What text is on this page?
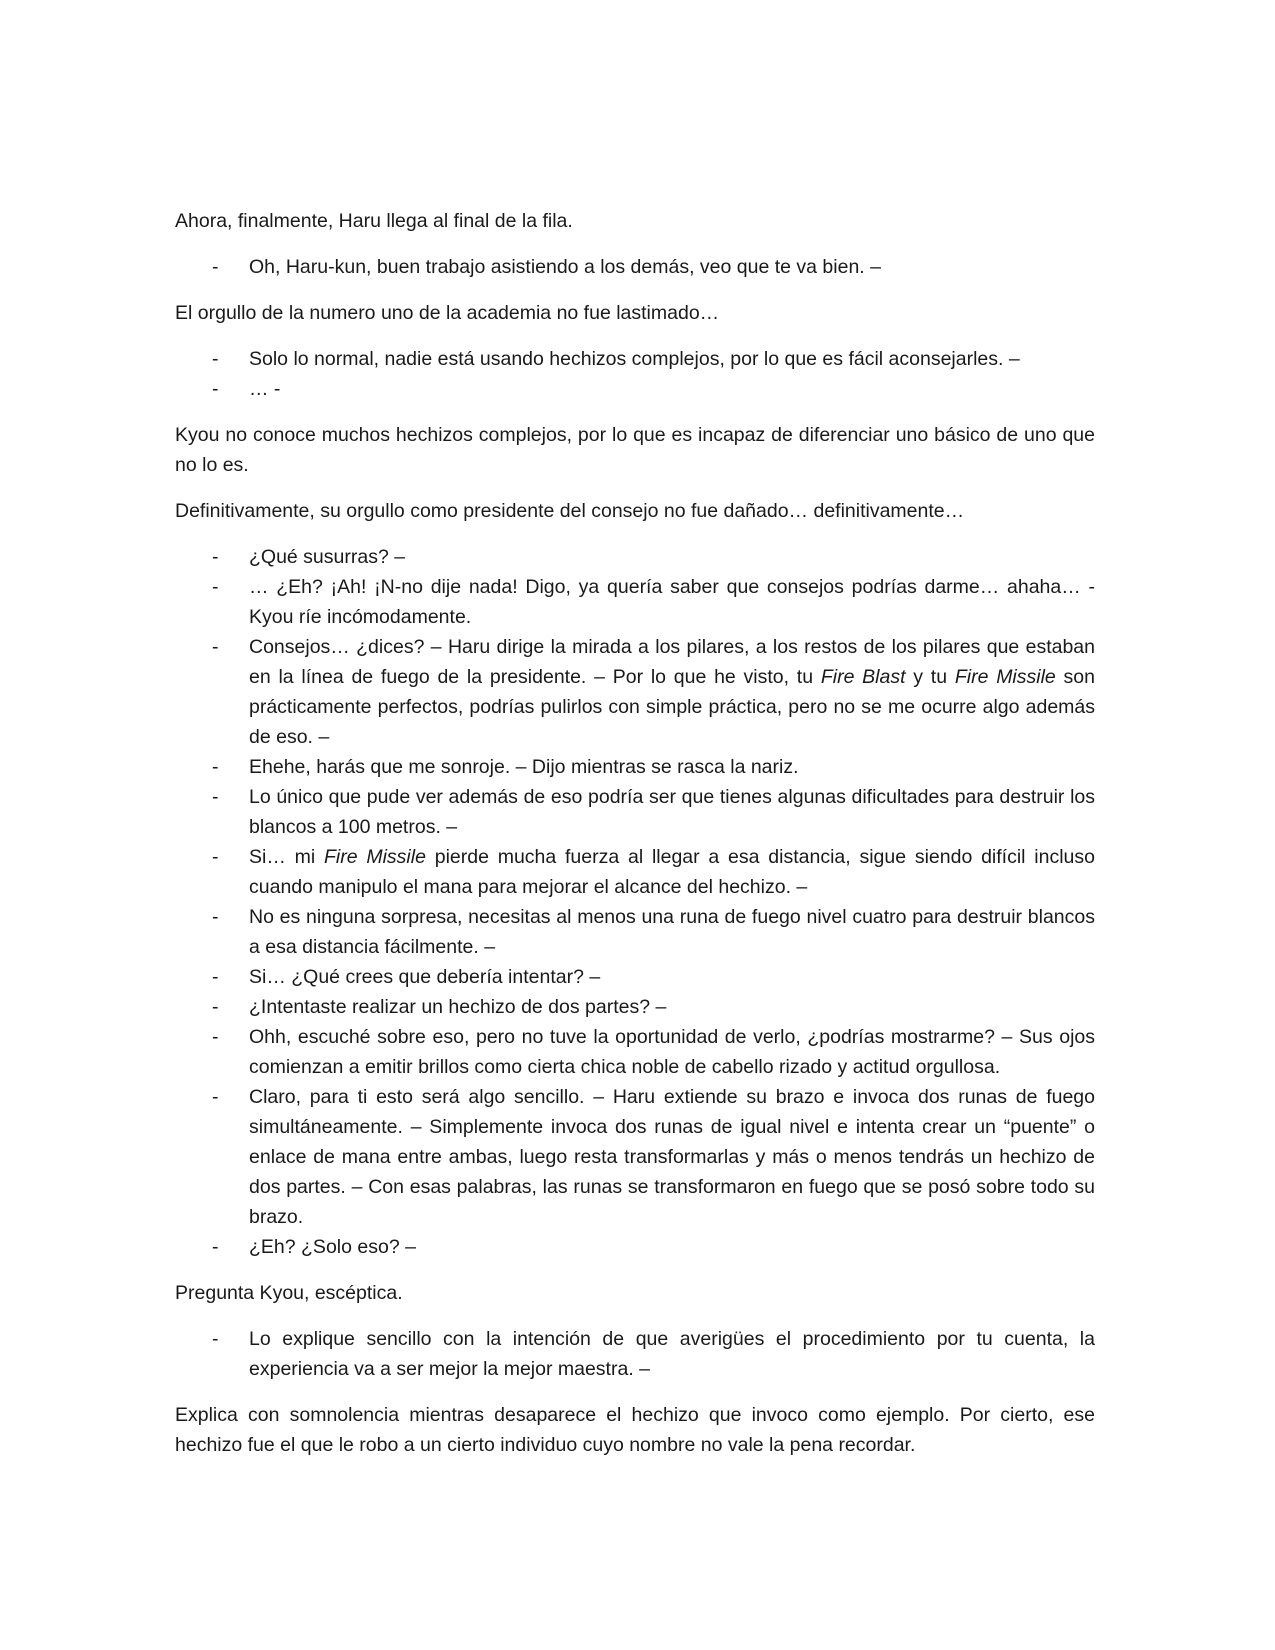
Ahora, finalmente, Haru llega al final de la fila.

- Oh, Haru-kun, buen trabajo asistiendo a los demás, veo que te va bien. –

El orgullo de la numero uno de la academia no fue lastimado…

- Solo lo normal, nadie está usando hechizos complejos, por lo que es fácil aconsejarles. –
- … -

Kyou no conoce muchos hechizos complejos, por lo que es incapaz de diferenciar uno básico de uno que no lo es.

Definitivamente, su orgullo como presidente del consejo no fue dañado… definitivamente…

- ¿Qué susurras? –
- … ¿Eh? ¡Ah! ¡N-no dije nada! Digo, ya quería saber que consejos podrías darme… ahaha… -Kyou ríe incómodamente.
- Consejos… ¿dices? – Haru dirige la mirada a los pilares, a los restos de los pilares que estaban en la línea de fuego de la presidente. – Por lo que he visto, tu Fire Blast y tu Fire Missile son prácticamente perfectos, podrías pulirlos con simple práctica, pero no se me ocurre algo además de eso. –
- Ehehe, harás que me sonroje. – Dijo mientras se rasca la nariz.
- Lo único que pude ver además de eso podría ser que tienes algunas dificultades para destruir los blancos a 100 metros. –
- Si… mi Fire Missile pierde mucha fuerza al llegar a esa distancia, sigue siendo difícil incluso cuando manipulo el mana para mejorar el alcance del hechizo. –
- No es ninguna sorpresa, necesitas al menos una runa de fuego nivel cuatro para destruir blancos a esa distancia fácilmente. –
- Si… ¿Qué crees que debería intentar? –
- ¿Intentaste realizar un hechizo de dos partes? –
- Ohh, escuché sobre eso, pero no tuve la oportunidad de verlo, ¿podrías mostrarme? – Sus ojos comienzan a emitir brillos como cierta chica noble de cabello rizado y actitud orgullosa.
- Claro, para ti esto será algo sencillo. – Haru extiende su brazo e invoca dos runas de fuego simultáneamente. – Simplemente invoca dos runas de igual nivel e intenta crear un “puente” o enlace de mana entre ambas, luego resta transformarlas y más o menos tendrás un hechizo de dos partes. – Con esas palabras, las runas se transformaron en fuego que se posó sobre todo su brazo.
- ¿Eh? ¿Solo eso? –

Pregunta Kyou, escéptica.

- Lo explique sencillo con la intención de que averigües el procedimiento por tu cuenta, la experiencia va a ser mejor la mejor maestra. –

Explica con somnolencia mientras desaparece el hechizo que invoco como ejemplo. Por cierto, ese hechizo fue el que le robo a un cierto individuo cuyo nombre no vale la pena recordar.
